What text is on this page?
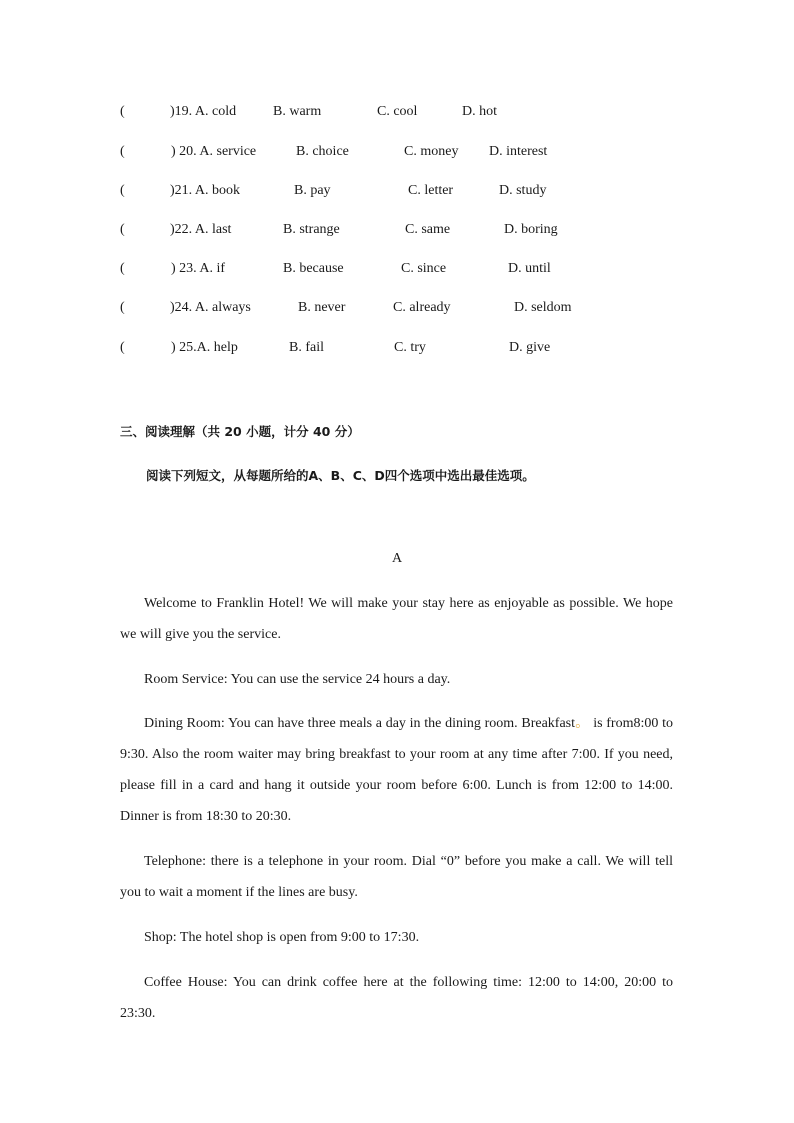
(	)19. A. cold	B. warm	C. cool	D. hot
(	) 20. A. service	B. choice	C. money D. interest
(	)21. A. book	B. pay	C. letter	D. study
(	)22. A. last	B. strange	C. same	D. boring
(	) 23. A. if	B. because	C. since	D. until
(	)24. A. always	B. never	C. already	D. seldom
(	) 25.A. help	B. fail	C. try	D. give
三、阅读理解（共 20 小题，计分 40 分）
阅读下列短文，从每题所给的A、B、C、D四个选项中选出最佳选项。
A
Welcome to Franklin Hotel! We will make your stay here as enjoyable as possible. We hope we will give you the service.
Room Service: You can use the service 24 hours a day.
Dining Room: You can have three meals a day in the dining room. Breakfast。 is from8:00 to 9:30. Also the room waiter may bring breakfast to your room at any time after 7:00. If you need, please fill in a card and hang it outside your room before 6:00. Lunch is from 12:00 to 14:00. Dinner is from 18:30 to 20:30.
Telephone: there is a telephone in your room. Dial “0” before you make a call. We will tell you to wait a moment if the lines are busy.
Shop: The hotel shop is open from 9:00 to 17:30.
Coffee House: You can drink coffee here at the following time: 12:00 to 14:00, 20:00 to 23:30.
